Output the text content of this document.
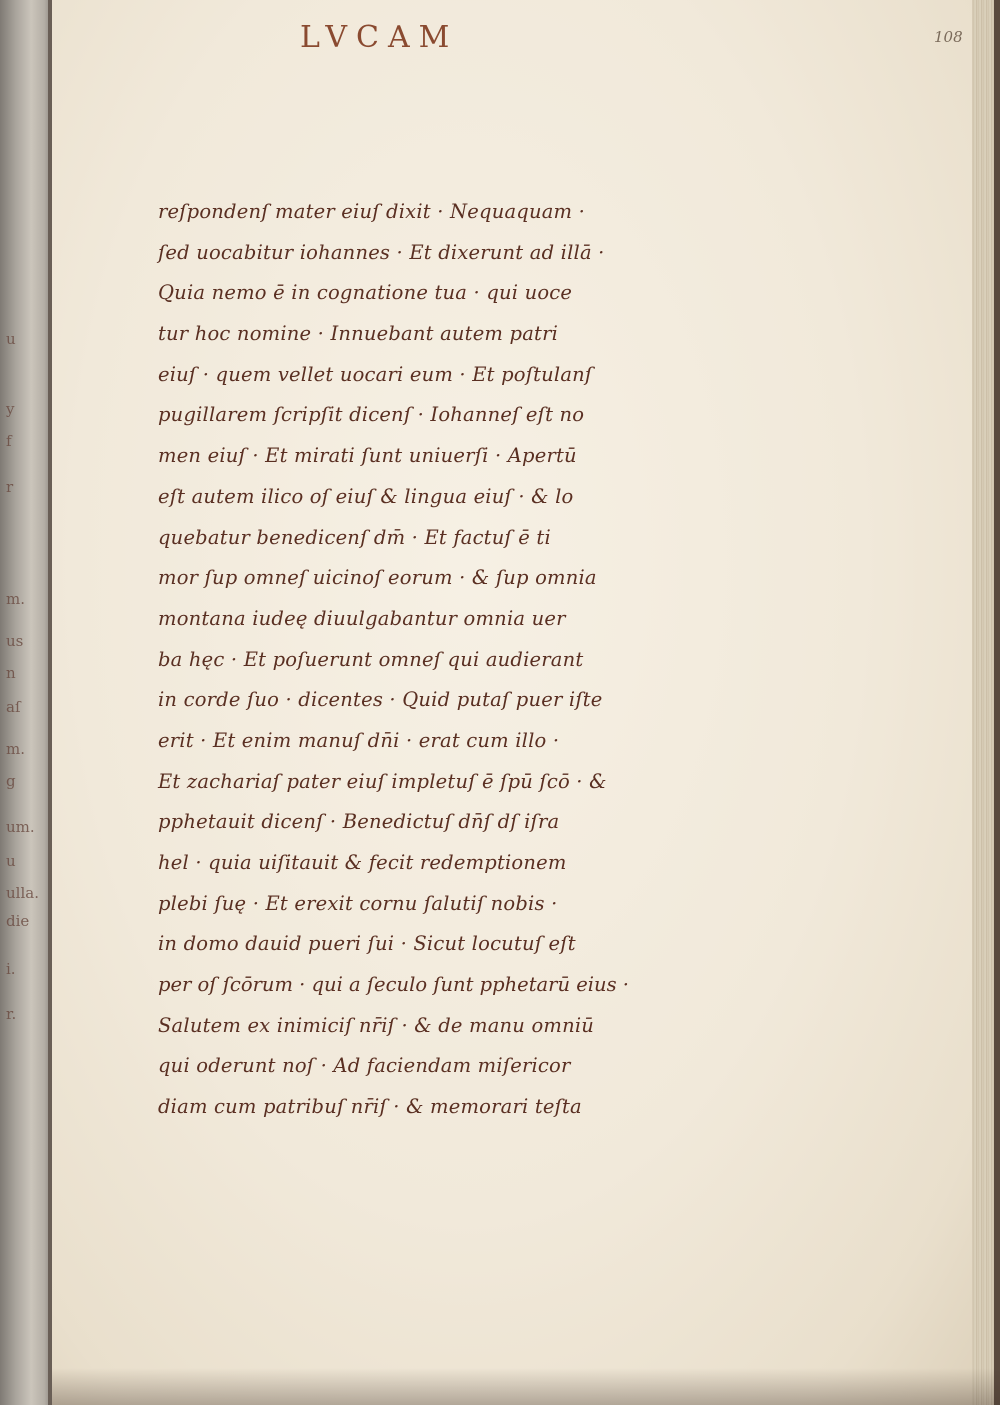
u
y
f
r
m.
us
n
aſ
m.
g
um.
u
ulla.
die
i.
r.
LVCAM	108
reſpondenſ mater eiuſ dixit · Nequaquam ·
ſed uocabitur iohannes · Et dixerunt ad illā ·
Quia nemo ē in cognatione tua · qui uoce
tur hoc nomine · Innuebant autem patri
eiuſ · quem vellet uocari eum · Et poſtulanſ
pugillarem ſcripſit dicenſ · Iohanneſ eſt no
men eiuſ · Et mirati ſunt uniuerſi · Apertū
eſt autem ilico oſ eiuſ & lingua eiuſ · & lo
quebatur benedicenſ dm̄ · Et factuſ ē ti
mor ſup omneſ uicinoſ eorum · & ſup omnia
montana iudeę diuulgabantur omnia uer
ba hęc · Et poſuerunt omneſ qui audierant
in corde ſuo · dicentes · Quid putaſ puer iſte
erit · Et enim manuſ dn̄i · erat cum illo ·
Et zachariaſ pater eiuſ impletuſ ē ſpū ſcō · &
pphetauit dicenſ · Benedictuſ dn̄ſ dſ iſra
hel · quia uiſitauit & fecit redemptionem
plebi ſuę · Et erexit cornu ſalutiſ nobis ·
in domo dauid pueri ſui · Sicut locutuſ eſt
per oſ ſcōrum · qui a ſeculo ſunt pphetarū eius ·
Salutem ex inimiciſ nr̄iſ · & de manu omniū
qui oderunt noſ · Ad faciendam miſericor
diam cum patribuſ nr̄iſ · & memorari teſta
